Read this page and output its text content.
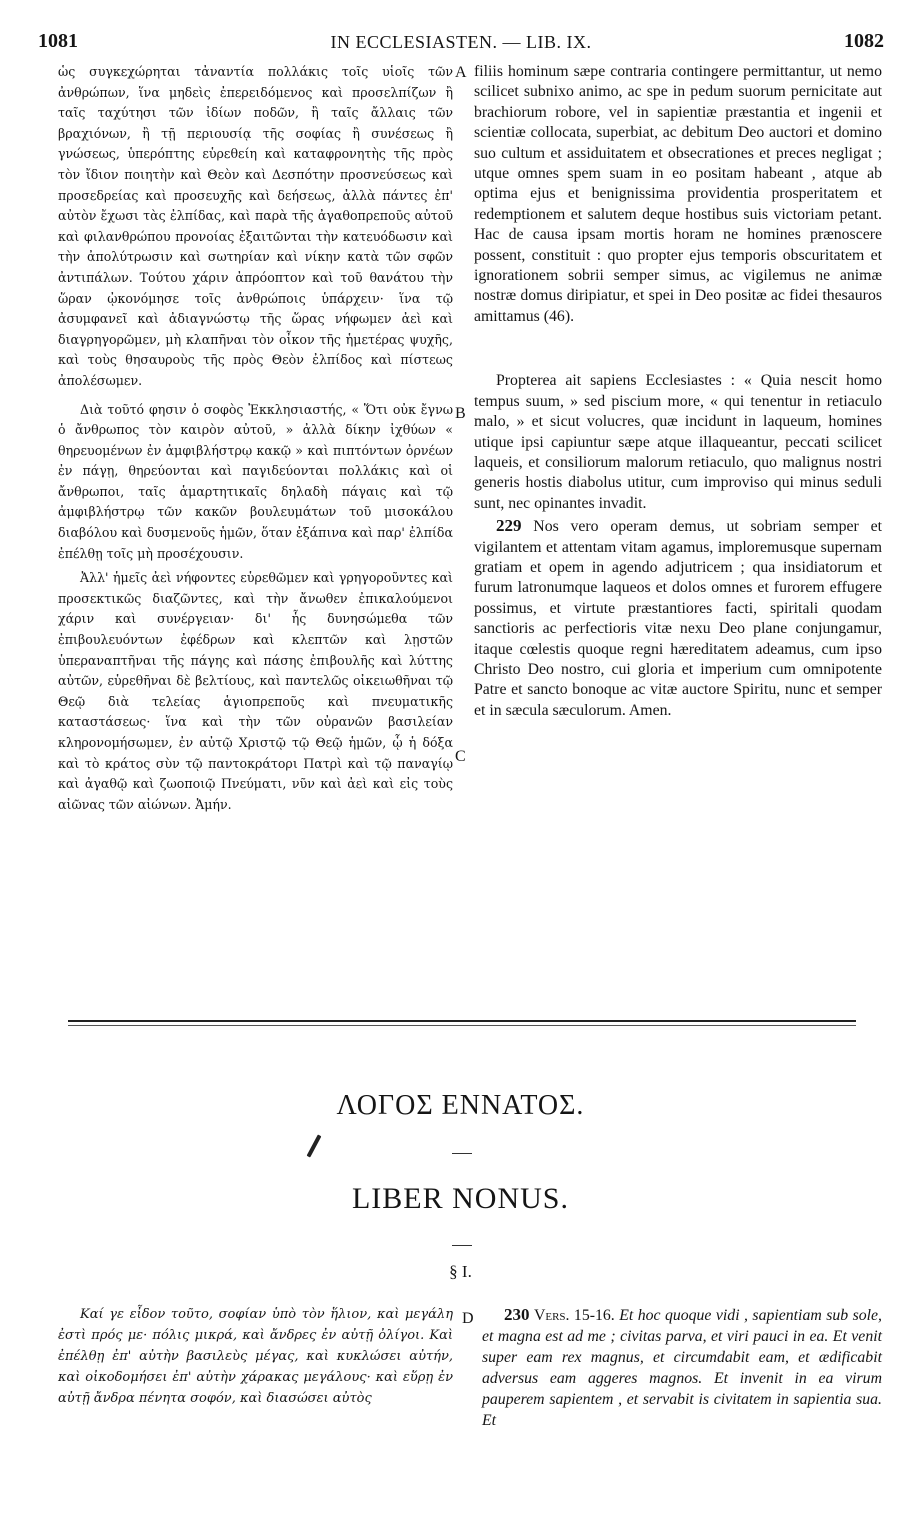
1081	IN ECCLESIASTEN. — LIB. IX.	1082

ὡς συγκεχώρηται τἀναντία πολλάκις τοῖς υἱοῖς τῶν ἀνθρώπων, ἵνα μηδεὶς ἐπερειδόμενος καὶ προσελπίζων ἢ ταῖς ταχύτησι τῶν ἰδίων ποδῶν, ἢ ταῖς ἄλλαις τῶν βραχιόνων, ἢ τῇ περιουσίᾳ τῆς σοφίας ἢ συνέσεως ἢ γνώσεως, ὑπερόπτης εὑρεθείη καὶ καταφρονητὴς τῆς πρὸς τὸν ἴδιον ποιητὴν καὶ Θεὸν καὶ Δεσπότην προσνεύσεως καὶ προσεδρείας καὶ προσευχῆς καὶ δεήσεως, ἀλλὰ πάντες ἐπ' αὐτὸν ἔχωσι τὰς ἐλπίδας, καὶ παρὰ τῆς ἀγαθοπρεποῦς αὐτοῦ καὶ φιλανθρώπου προνοίας ἐξαιτῶνται τὴν κατευόδωσιν καὶ τὴν ἀπολύτρωσιν καὶ σωτηρίαν καὶ νίκην κατὰ τῶν σφῶν ἀντιπάλων. Τούτου χάριν ἀπρόοπτον καὶ τοῦ θανάτου τὴν ὥραν ᾠκονόμησε τοῖς ἀνθρώποις ὑπάρχειν· ἵνα τῷ ἀσυμφανεῖ καὶ ἀδιαγνώστῳ τῆς ὥρας νήφωμεν ἀεὶ καὶ διαγρηγορῶμεν, μὴ κλαπῆναι τὸν οἶκον τῆς ἡμετέρας ψυχῆς, καὶ τοὺς θησαυροὺς τῆς πρὸς Θεὸν ἐλπίδος καὶ πίστεως ἀπολέσωμεν.

Διὰ τοῦτό φησιν ὁ σοφὸς Ἐκκλησιαστής, « Ὅτι οὐκ ἔγνω ὁ ἄνθρωπος τὸν καιρὸν αὐτοῦ, » ἀλλὰ δίκην ἰχθύων « θηρευομένων ἐν ἀμφιβλήστρῳ κακῷ » καὶ πιπτόντων ὀρνέων ἐν πάγῃ, θηρεύονται καὶ παγιδεύονται πολλάκις καὶ οἱ ἄνθρωποι, ταῖς ἁμαρτητικαῖς δηλαδὴ πάγαις καὶ τῷ ἀμφιβλήστρῳ τῶν κακῶν βουλευμάτων τοῦ μισοκάλου διαβόλου καὶ δυσμενοῦς ἡμῶν, ὅταν ἐξάπινα καὶ παρ' ἐλπίδα ἐπέλθῃ τοῖς μὴ προσέχουσιν.

Ἀλλ' ἡμεῖς ἀεὶ νήφοντες εὑρεθῶμεν καὶ γρηγοροῦντες καὶ προσεκτικῶς διαζῶντες, καὶ τὴν ἄνωθεν ἐπικαλούμενοι χάριν καὶ συνέργειαν· δι' ἧς δυνησώμεθα τῶν ἐπιβουλευόντων ἐφέδρων καὶ κλεπτῶν καὶ λῃστῶν ὑπεραναπτῆναι τῆς πάγης καὶ πάσης ἐπιβουλῆς καὶ λύττης αὐτῶν, εὑρεθῆναι δὲ βελτίους, καὶ παντελῶς οἰκειωθῆναι τῷ Θεῷ διὰ τελείας ἁγιοπρεποῦς καὶ πνευματικῆς καταστάσεως· ἵνα καὶ τὴν τῶν οὐρανῶν βασιλείαν κληρονομήσωμεν, ἐν αὐτῷ Χριστῷ τῷ Θεῷ ἡμῶν, ᾧ ἡ δόξα καὶ τὸ κράτος σὺν τῷ παντοκράτορι Πατρὶ καὶ τῷ παναγίῳ καὶ ἀγαθῷ καὶ ζωοποιῷ Πνεύματι, νῦν καὶ ἀεὶ καὶ εἰς τοὺς αἰῶνας τῶν αἰώνων. Ἀμήν.

A
B
C
D

filiis hominum sæpe contraria contingere permittantur, ut nemo scilicet subnixo animo, ac spe in pedum suorum pernicitate aut brachiorum robore, vel in sapientiæ præstantia et ingenii et scientiæ collocata, superbiat, ac debitum Deo auctori et domino suo cultum et assiduitatem et obsecrationes et preces negligat ; utque omnes spem suam in eo positam habeant , atque ab optima ejus et benignissima providentia prosperitatem et redemptionem et salutem deque hostibus suis victoriam petant. Hac de causa ipsam mortis horam ne homines prænoscere possent, constituit : quo propter ejus temporis obscuritatem et ignorationem sobrii semper simus, ac vigilemus ne animæ nostræ domus diripiatur, et spei in Deo positæ ac fidei thesauros amittamus (46).

Propterea ait sapiens Ecclesiastes : « Quia nescit homo tempus suum, » sed piscium more, « qui tenentur in retiaculo malo, » et sicut volucres, quæ incidunt in laqueum, homines utique ipsi capiuntur sæpe atque illaqueantur, peccati scilicet laqueis, et consiliorum malorum retiaculo, quo malignus nostri generis hostis diabolus utitur, cum improviso qui minus seduli sunt, nec opinantes invadit.

229 Nos vero operam demus, ut sobriam semper et vigilantem et attentam vitam agamus, imploremusque supernam gratiam et opem in agendo adjutricem ; qua insidiatorum et furum latronumque laqueos et dolos omnes et furorem effugere possimus, et virtute præstantiores facti, spiritali quodam sanctioris ac perfectioris vitæ nexu Deo plane conjungamur, itaque cœlestis quoque regni hæreditatem adeamus, cum ipso Christo Deo nostro, cui gloria et imperium cum omnipotente Patre et sancto bonoque ac vitæ auctore Spiritu, nunc et semper et in sæcula sæculorum. Amen.

ΛΟΓΟΣ ΕΝΝΑΤΟΣ.
LIBER NONUS.
§ I.

Καί γε εἶδον τοῦτο, σοφίαν ὑπὸ τὸν ἥλιον, καὶ μεγάλη ἐστὶ πρός με· πόλις μικρά, καὶ ἄνδρες ἐν αὐτῇ ὀλίγοι. Καὶ ἐπέλθῃ ἐπ' αὐτὴν βασιλεὺς μέγας, καὶ κυκλώσει αὐτήν, καὶ οἰκοδομήσει ἐπ' αὐτὴν χάρακας μεγάλους· καὶ εὕρῃ ἐν αὐτῇ ἄνδρα πένητα σοφόν, καὶ διασώσει αὐτὸς

230 Vers. 15-16. Et hoc quoque vidi , sapientiam sub sole, et magna est ad me ; civitas parva, et viri pauci in ea. Et venit super eam rex magnus, et circumdabit eam, et ædificabit adversus eam aggeres magnos. Et invenit in ea virum pauperem sapientem , et servabit is civitatem in sapientia sua. Et
